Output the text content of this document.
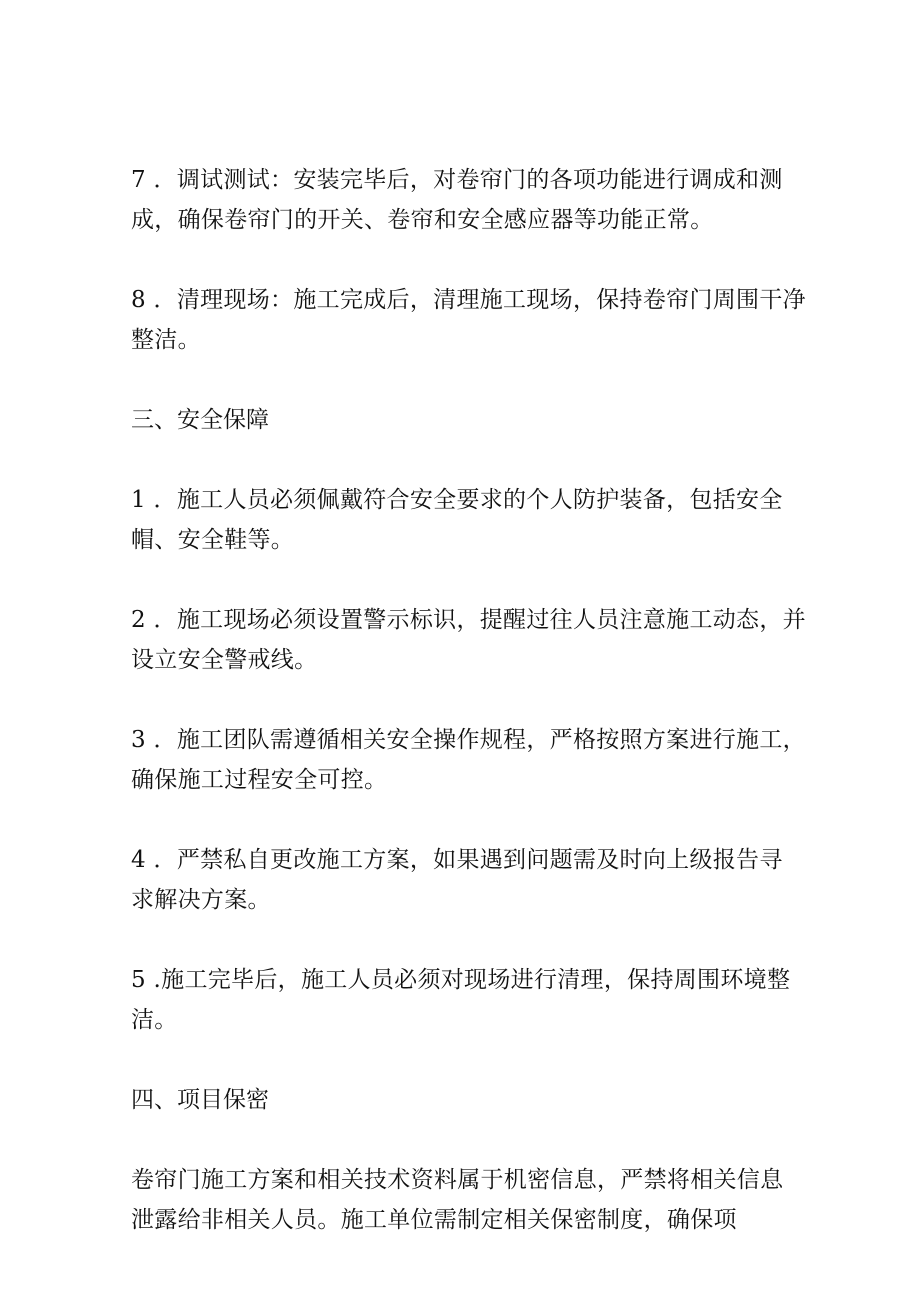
7 ．调试测试：安装完毕后，对卷帘门的各项功能进行调成和测
成，确保卷帘门的开关、卷帘和安全感应器等功能正常。

8 ．清理现场：施工完成后，清理施工现场，保持卷帘门周围干净
整洁。

三、安全保障

1 ．施工人员必须佩戴符合安全要求的个人防护装备，包括安全
帽、安全鞋等。

2 ．施工现场必须设置警示标识，提醒过往人员注意施工动态，并
设立安全警戒线。

3 ．施工团队需遵循相关安全操作规程，严格按照方案进行施工，
确保施工过程安全可控。

4 ．严禁私自更改施工方案，如果遇到问题需及时向上级报告寻
求解决方案。

5 .施工完毕后，施工人员必须对现场进行清理，保持周围环境整
洁。

四、项目保密

卷帘门施工方案和相关技术资料属于机密信息，严禁将相关信息
泄露给非相关人员。施工单位需制定相关保密制度，确保项
